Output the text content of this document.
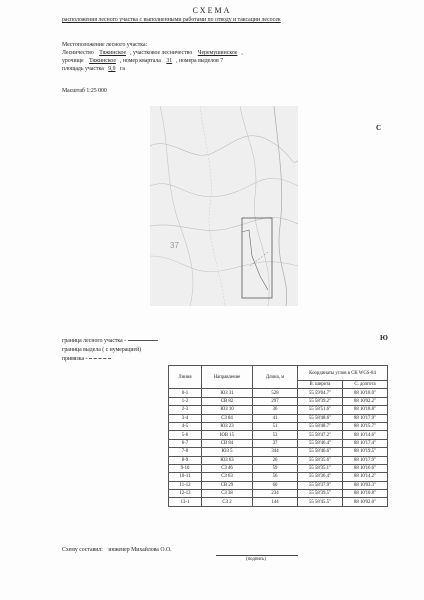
СХЕМА
расположения лесного участка с выполненными работами по отводу и таксации лесосек
Местоположение лесного участка:
Лесничество Тяжинское , участковое лесничество Черемушинское ,
урочище Тяжинское , номер квартала 31 , номера выделов 7
площадь участка 9,9 га
Масштаб 1:25 000
С
Ю
37
граница лесного участка -
граница выдела ( с нумерацией)
привязка -
Линия	Направление	Длина, м	Координаты углов в СК WGS-84	
			В. широта	С. долгота
0-1	ЮЗ 31	528	55 59'04.7"	88 10'18.0"
1-2	СВ 82	297	55 58'39.2"	88 10'02.2"
2-3	ЮЗ 10	36	55 58'51.6"	88 10'18.8"
3-4	СЗ 84	41	55 58'48.6"	88 10'17.9"
4-5	ЮЗ 23	51	55 58'48.7"	88 10'15.7"
5-6	ЮВ 15	53	55 58'47.2"	88 10'14.6"
6-7	СВ 84	37	55 58'46.4"	88 10'17.4"
7-8	ЮЗ 5	344	55 58'46.6"	88 10'19.5"
8-9	ЮЗ 63	26	55 58'35.6"	88 10'17.9"
9-10	СЗ 46	59	55 58'35.1"	88 10'16.6"
10-11	СЗ 63	56	55 58'36.4"	88 10'14.2"
11-12	СВ 29	60	55 58'37.9"	88 10'03.3"
12-13	СЗ 38	234	55 58'39.5"	88 10'10.8"
13-1	СЗ 2	144	55 58'45.5"	88 10'02.0"
Схему составил: инженер Михайлова О.О.
(подпись)
